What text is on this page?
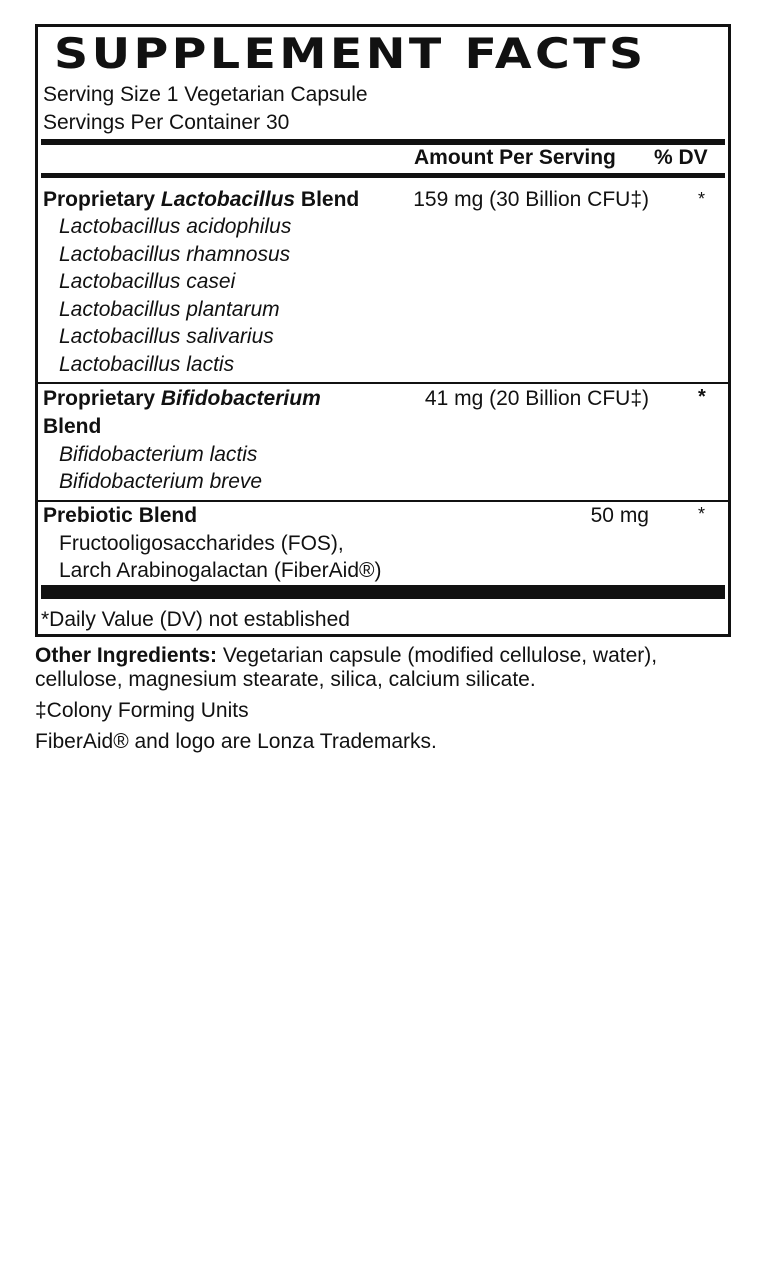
SUPPLEMENT FACTS
Serving Size 1 Vegetarian Capsule
Servings Per Container 30
Amount Per Serving % DV
Proprietary Lactobacillus Blend	159 mg (30 Billion CFU‡)	*
Lactobacillus acidophilus
Lactobacillus rhamnosus
Lactobacillus casei
Lactobacillus plantarum
Lactobacillus salivarius
Lactobacillus lactis
Proprietary Bifidobacterium
Blend
41 mg (20 Billion CFU‡) *
Bifidobacterium lactis
Bifidobacterium breve
Prebiotic Blend	50 mg	*
Fructooligosaccharides (FOS),
Larch Arabinogalactan (FiberAid®)
*Daily Value (DV) not established
Other Ingredients: Vegetarian capsule (modified cellulose, water),
cellulose, magnesium stearate, silica, calcium silicate.
‡Colony Forming Units
FiberAid® and logo are Lonza Trademarks.
